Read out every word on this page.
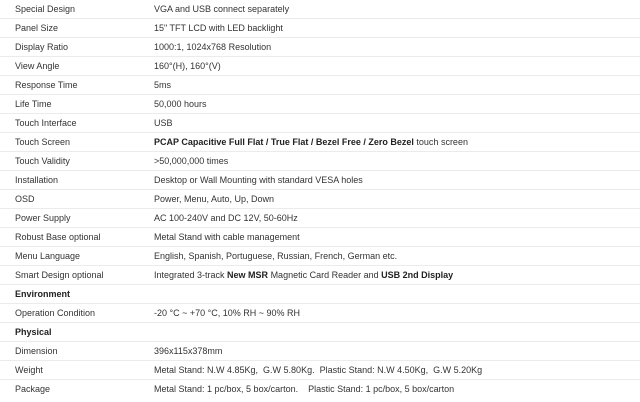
Special Design	VGA and USB connect separately
Panel Size	15" TFT LCD with LED backlight
Display Ratio	1000:1, 1024x768 Resolution
View Angle	160°(H), 160°(V)
Response Time	5ms
Life Time	50,000 hours
Touch Interface	USB
Touch Screen	PCAP Capacitive Full Flat / True Flat / Bezel Free / Zero Bezel touch screen
Touch Validity	>50,000,000 times
Installation	Desktop or Wall Mounting with standard VESA holes
OSD	Power, Menu, Auto, Up, Down
Power Supply	AC 100-240V and DC 12V, 50-60Hz
Robust Base optional	Metal Stand with cable management
Menu Language	English, Spanish, Portuguese, Russian, French, German etc.
Smart Design optional	Integrated 3-track New MSR Magnetic Card Reader and USB 2nd Display
Environment	
Operation Condition	-20 °C ~ +70 °C, 10% RH ~ 90% RH
Physical	
Dimension	396x115x378mm
Weight	Metal Stand: N.W 4.85Kg,  G.W 5.80Kg.  Plastic Stand: N.W 4.50Kg,  G.W 5.20Kg
Package	Metal Stand: 1 pc/box, 5 box/carton.    Plastic Stand: 1 pc/box, 5 box/carton
